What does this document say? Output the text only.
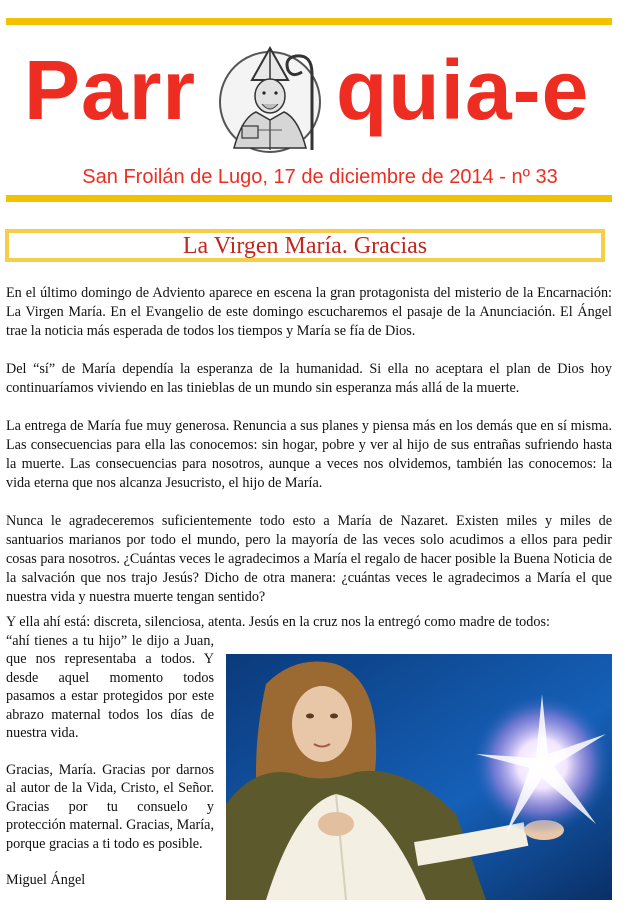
Parr quia-e
San Froilán de Lugo, 17 de diciembre de 2014 - nº 33
La Virgen María. Gracias

En el último domingo de Adviento aparece en escena la gran protagonista del misterio de la Encarnación: La Virgen María. En el Evangelio de este domingo escucharemos el pasaje de la Anunciación. El Ángel trae la noticia más esperada de todos los tiempos y María se fía de Dios.

Del “sí” de María dependía la esperanza de la humanidad. Si ella no aceptara el plan de Dios hoy continuaríamos viviendo en las tinieblas de un mundo sin esperanza más allá de la muerte.

La entrega de María fue muy generosa. Renuncia a sus planes y piensa más en los demás que en sí misma. Las consecuencias para ella las conocemos: sin hogar, pobre y ver al hijo de sus entrañas sufriendo hasta la muerte. Las consecuencias para nosotros, aunque a veces nos olvidemos, también las conocemos: la vida eterna que nos alcanza Jesucristo, el hijo de María.

Nunca le agradeceremos suficientemente todo esto a María de Nazaret. Existen miles y miles de santuarios marianos por todo el mundo, pero la mayoría de las veces solo acudimos a ellos para pedir cosas para nosotros. ¿Cuántas veces le agradecimos a María el regalo de hacer posible la Buena Noticia de la salvación que nos trajo Jesús? Dicho de otra manera: ¿cuántas veces le agradecimos a María el que nuestra vida y nuestra muerte tengan sentido?

Y ella ahí está: discreta, silenciosa, atenta. Jesús en la cruz nos la entregó como madre de todos:

“ahí tienes a tu hijo” le dijo a Juan, que nos representaba a todos. Y desde aquel momento todos pasamos a estar protegidos por este abrazo maternal todos los días de nuestra vida.

Gracias, María. Gracias por darnos al autor de la Vida, Cristo, el Señor. Gracias por tu consuelo y protección maternal. Gracias, María, porque gracias a ti todo es posible.

Miguel Ángel
